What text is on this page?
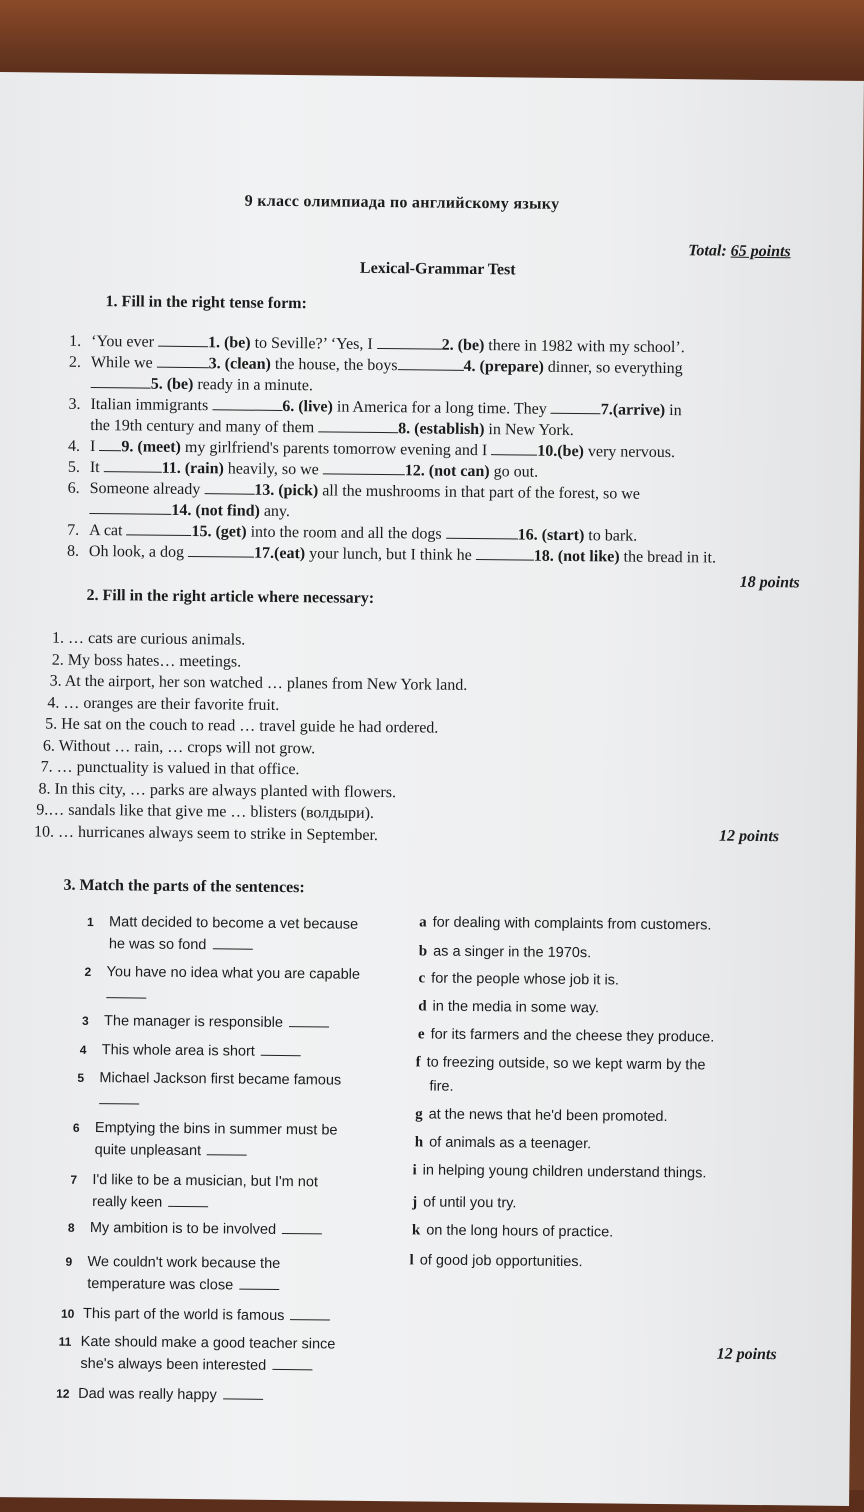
9 класс олимпиада по английскому языку
Total: 65 points
Lexical-Grammar Test
1. Fill in the right tense form:
1. ‘You ever	1. (be) to Seville?’ ‘Yes, I	2. (be) there in 1982 with my school’.
2. While we	3. (clean) the house, the boys	4. (prepare) dinner, so everything
5. (be) ready in a minute.
3. Italian immigrants	6. (live) in America for a long time. They	7.(arrive) in
the 19th century and many of them	8. (establish) in New York.
4. I 9. (meet) my girlfriend's parents tomorrow evening and I	10.(be) very nervous.
5. It	11. (rain) heavily, so we	12. (not can) go out.
6. Someone already	13. (pick) all the mushrooms in that part of the forest, so we
14. (not find) any.
7. A cat	15. (get) into the room and all the dogs	16. (start) to bark.
8. Oh look, a dog	17.(eat) your lunch, but I think he	18. (not like) the bread in it.
18 points
2. Fill in the right article where necessary:
1. … cats are curious animals.
2. My boss hates… meetings.
3. At the airport, her son watched … planes from New York land.
4. … oranges are their favorite fruit.
5. He sat on the couch to read … travel guide he had ordered.
6. Without … rain, … crops will not grow.
7. … punctuality is valued in that office.
8. In this city, … parks are always planted with flowers.
9.… sandals like that give me … blisters (волдыри).
10. … hurricanes always seem to strike in September.	12 points
3. Match the parts of the sentences:
1 Matt decided to become a vet because
he was so fond
2 You have no idea what you are capable

3 The manager is responsible
4 This whole area is short
5 Michael Jackson first became famous

6 Emptying the bins in summer must be
quite unpleasant
7 I'd like to be a musician, but I'm not
really keen
8 My ambition is to be involved
9 We couldn't work because the
temperature was close
10 This part of the world is famous
11 Kate should make a good teacher since
she's always been interested
12 Dad was really happy
a for dealing with complaints from customers.
b as a singer in the 1970s.
c for the people whose job it is.
d in the media in some way.
e for its farmers and the cheese they produce.
f to freezing outside, so we kept warm by the
fire.
g at the news that he'd been promoted.
h of animals as a teenager.
i in helping young children understand things.
j of until you try.
k on the long hours of practice.
l of good job opportunities.
12 points
